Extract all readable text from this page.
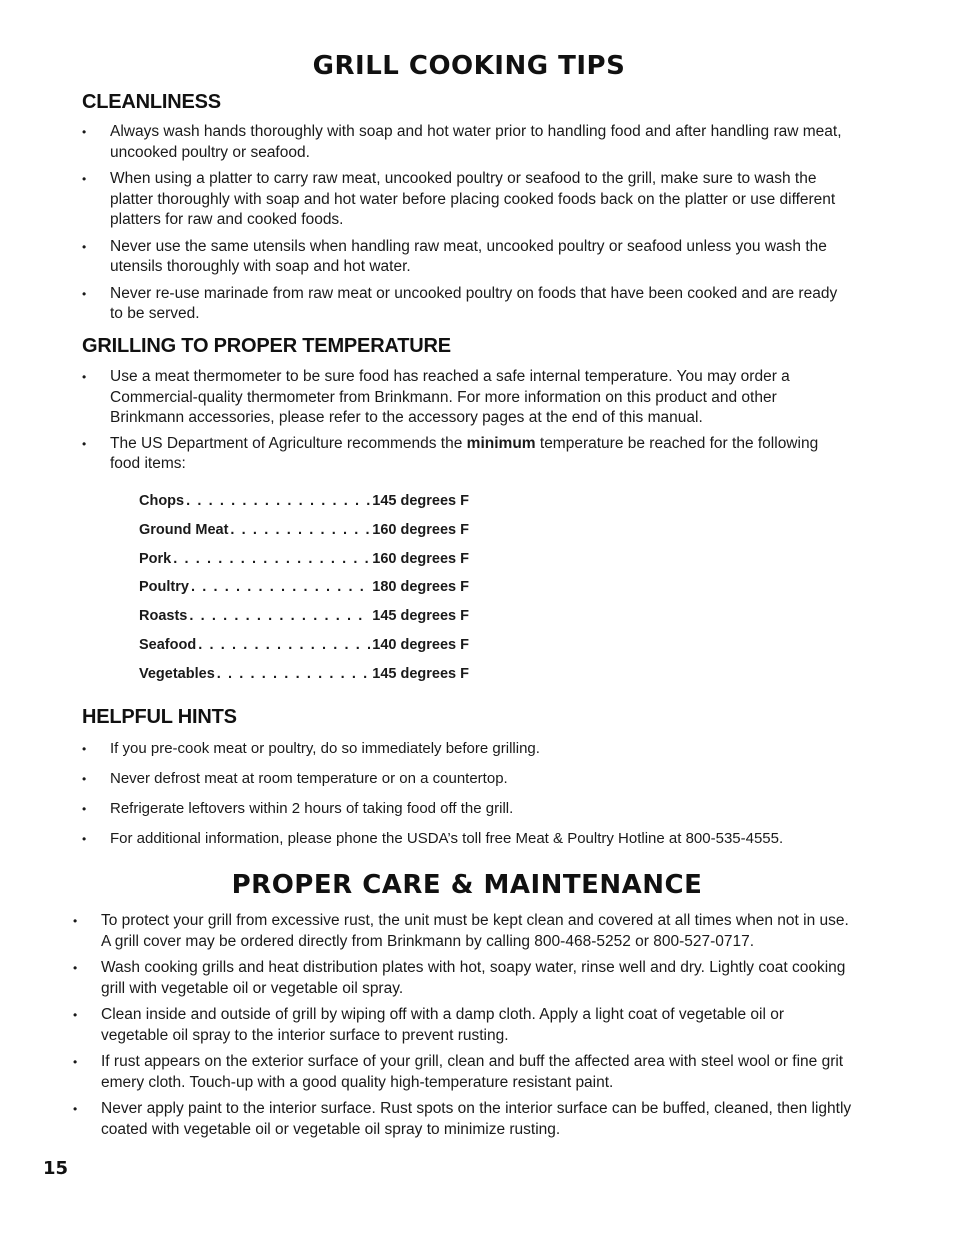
GRILL COOKING TIPS
CLEANLINESS
• Always wash hands thoroughly with soap and hot water prior to handling food and after handling raw meat, uncooked poultry or seafood.
• When using a platter to carry raw meat, uncooked poultry or seafood to the grill, make sure to wash the platter thoroughly with soap and hot water before placing cooked foods back on the platter or use different platters for raw and cooked foods.
• Never use the same utensils when handling raw meat, uncooked poultry or seafood unless you wash the utensils thoroughly with soap and hot water.
• Never re-use marinade from raw meat or uncooked poultry on foods that have been cooked and are ready to be served.
GRILLING TO PROPER TEMPERATURE
• Use a meat thermometer to be sure food has reached a safe internal temperature. You may order a Commercial-quality thermometer from Brinkmann. For more information on this product and other Brinkmann accessories, please refer to the accessory pages at the end of this manual.
• The US Department of Agriculture recommends the minimum temperature be reached for the following food items:
Chops . . .	145 degrees F
Ground Meat . . .	160 degrees F
Pork . . .	160 degrees F
Poultry . . .	180 degrees F
Roasts . . .	145 degrees F
Seafood . . .	140 degrees F
Vegetables . . .	145 degrees F
HELPFUL HINTS
• If you pre-cook meat or poultry, do so immediately before grilling.
• Never defrost meat at room temperature or on a countertop.
• Refrigerate leftovers within 2 hours of taking food off the grill.
• For additional information, please phone the USDA’s toll free Meat & Poultry Hotline at 800-535-4555.
PROPER CARE & MAINTENANCE
• To protect your grill from excessive rust, the unit must be kept clean and covered at all times when not in use. A grill cover may be ordered directly from Brinkmann by calling 800-468-5252 or 800-527-0717.
• Wash cooking grills and heat distribution plates with hot, soapy water, rinse well and dry. Lightly coat cooking grill with vegetable oil or vegetable oil spray.
• Clean inside and outside of grill by wiping off with a damp cloth. Apply a light coat of vegetable oil or vegetable oil spray to the interior surface to prevent rusting.
• If rust appears on the exterior surface of your grill, clean and buff the affected area with steel wool or fine grit emery cloth. Touch-up with a good quality high-temperature resistant paint.
• Never apply paint to the interior surface. Rust spots on the interior surface can be buffed, cleaned, then lightly coated with vegetable oil or vegetable oil spray to minimize rusting.
15
